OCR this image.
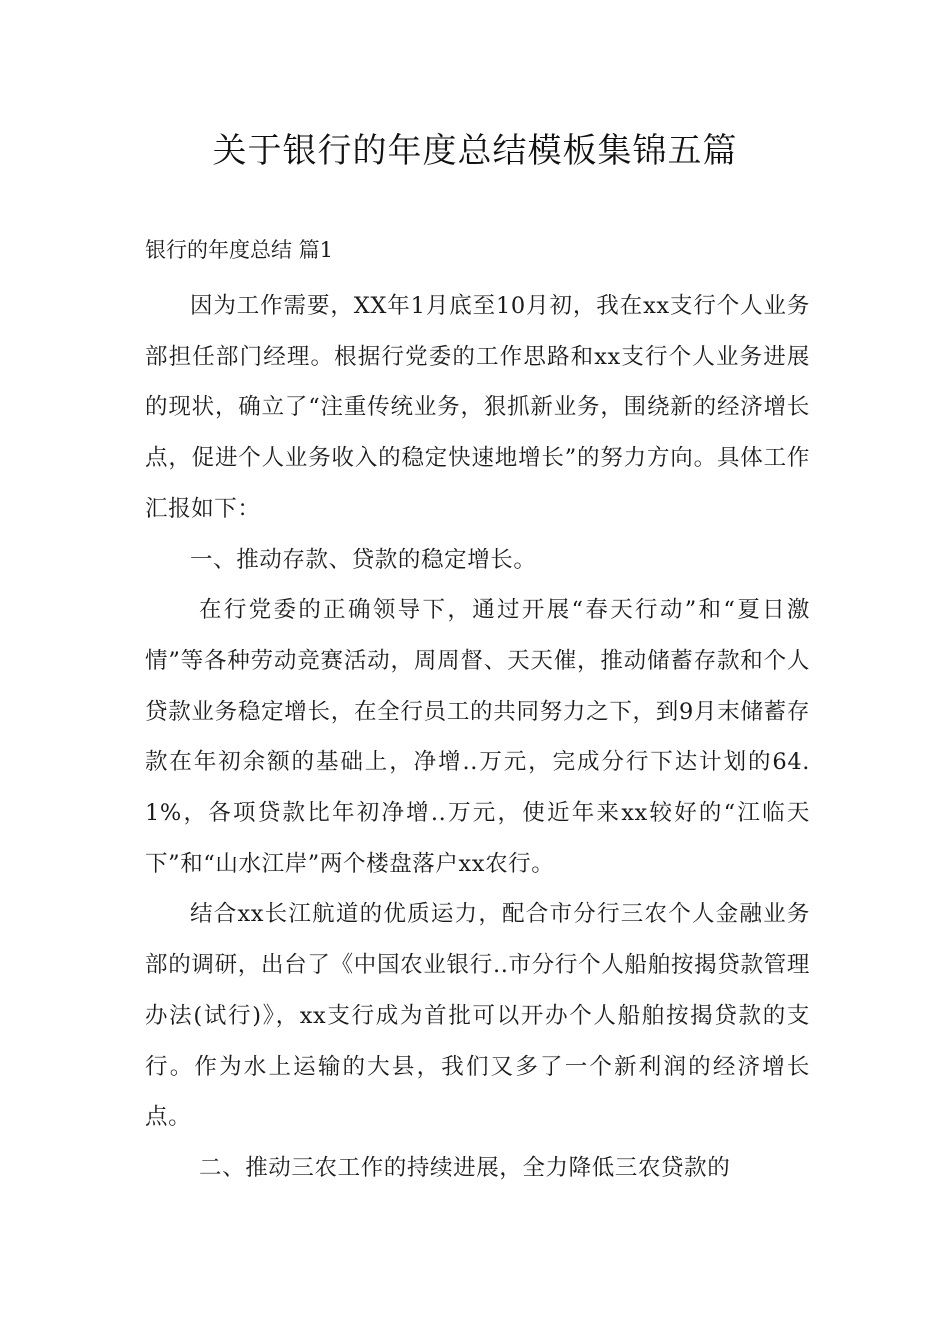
关于银行的年度总结模板集锦五篇
银行的年度总结 篇1

因为工作需要，XX年1月底至10月初，我在xx支行个人业务部担任部门经理。根据行党委的工作思路和xx支行个人业务进展的现状，确立了“注重传统业务，狠抓新业务，围绕新的经济增长点，促进个人业务收入的稳定快速地增长”的努力方向。具体工作汇报如下：

一、推动存款、贷款的稳定增长。

在行党委的正确领导下，通过开展“春天行动”和“夏日激情”等各种劳动竞赛活动，周周督、天天催，推动储蓄存款和个人贷款业务稳定增长，在全行员工的共同努力之下，到9月末储蓄存款在年初余额的基础上，净增..万元，完成分行下达计划的64.1%，各项贷款比年初净增..万元，使近年来xx较好的“江临天下”和“山水江岸”两个楼盘落户xx农行。

结合xx长江航道的优质运力，配合市分行三农个人金融业务部的调研，出台了《中国农业银行..市分行个人船舶按揭贷款管理办法(试行)》，xx支行成为首批可以开办个人船舶按揭贷款的支行。作为水上运输的大县，我们又多了一个新利润的经济增长点。

二、推动三农工作的持续进展，全力降低三农贷款的
